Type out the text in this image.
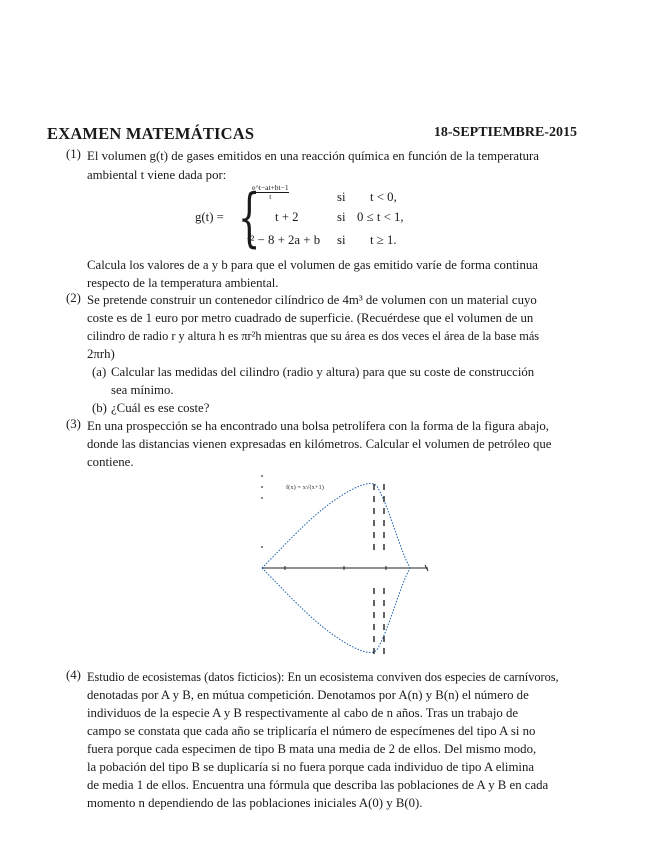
EXAMEN MATEMÁTICAS	18-SEPTIEMBRE-2015
(1) El volumen g(t) de gases emitidos en una reacción química en función de la temperatura
ambiental t viene dada por:
g(t) = {
$\frac{e\^{}t-at+bt-1}{t}$	si t < 0,
t + 2	si 0 ≤ t < 1,
t² − 8 + 2a + b si t ≥ 1.
Calcula los valores de a y b para que el volumen de gas emitido varíe de forma continua
respecto de la temperatura ambiental.
(2) Se pretende construir un contenedor cilíndrico de 4m³ de volumen con un material cuyo
coste es de 1 euro por metro cuadrado de superficie. (Recuérdese que el volumen de un
cilindro de radio r y altura h es πr²h mientras que su área es dos veces el área de la base más
2πrh)
(a) Calcular las medidas del cilindro (radio y altura) para que su coste de construcción
sea mínimo.
(b) ¿Cuál es ese coste?
(3) En una prospección se ha encontrado una bolsa petrolífera con la forma de la figura abajo,
donde las distancias vienen expresadas en kilómetros. Calcular el volumen de petróleo que
contiene.
f(x) = x√(x+1)
(4) Estudio de ecosistemas (datos ficticios): En un ecosistema conviven dos especies de carnívoros,
denotadas por A y B, en mútua competición. Denotamos por A(n) y B(n) el número de
individuos de la especie A y B respectivamente al cabo de n años. Tras un trabajo de
campo se constata que cada año se triplicaría el número de especímenes del tipo A si no
fuera porque cada especimen de tipo B mata una media de 2 de ellos. Del mismo modo,
la pobación del tipo B se duplicaría si no fuera porque cada individuo de tipo A elimina
de media 1 de ellos. Encuentra una fórmula que describa las poblaciones de A y B en cada
momento n dependiendo de las poblaciones iniciales A(0) y B(0).
